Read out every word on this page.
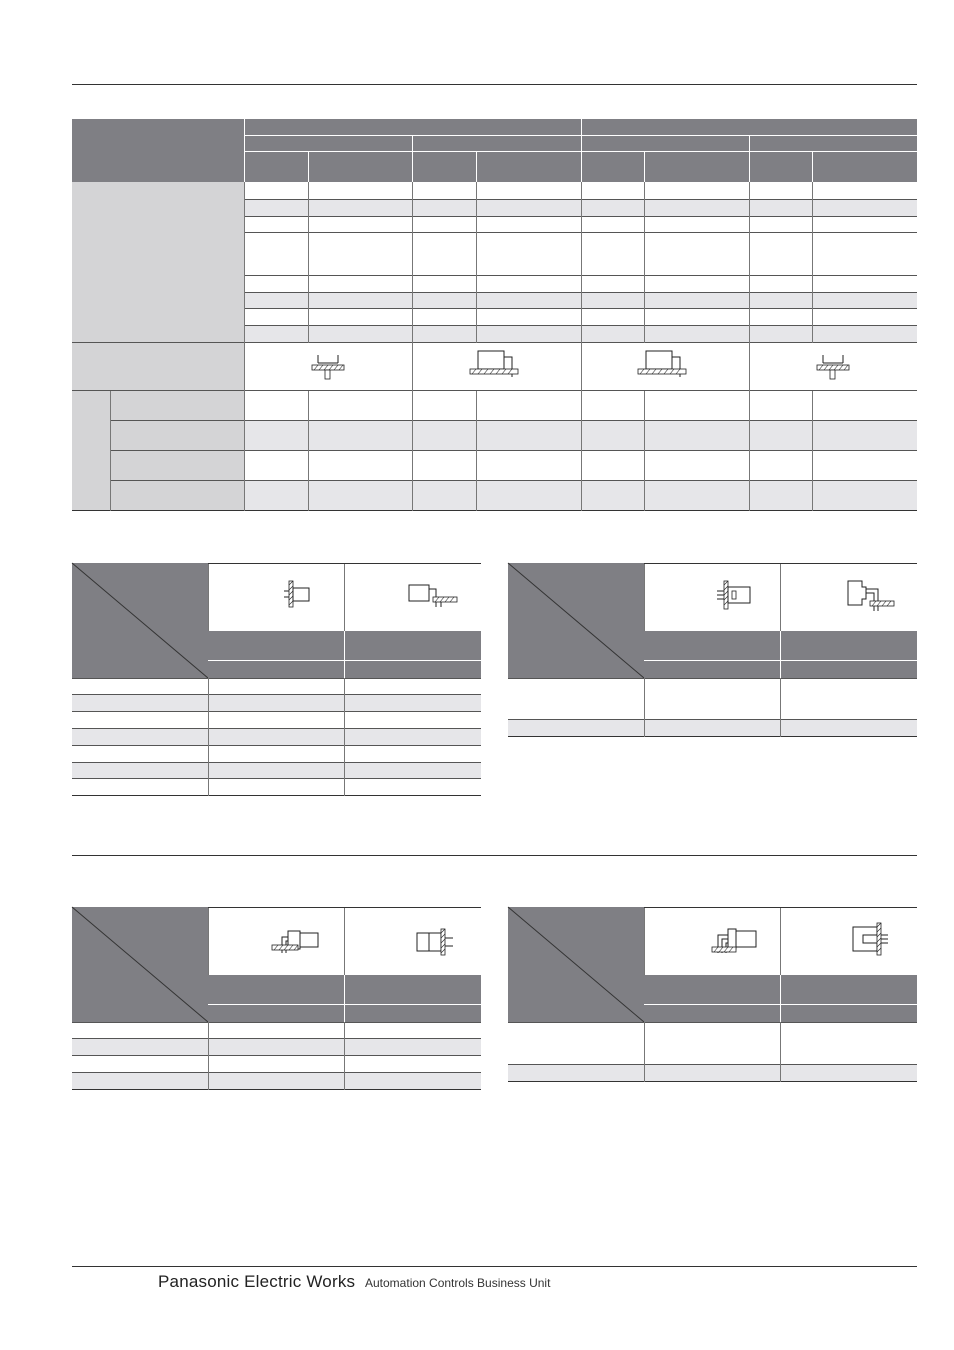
Panasonic Electric Works Automation Controls Business Unit
